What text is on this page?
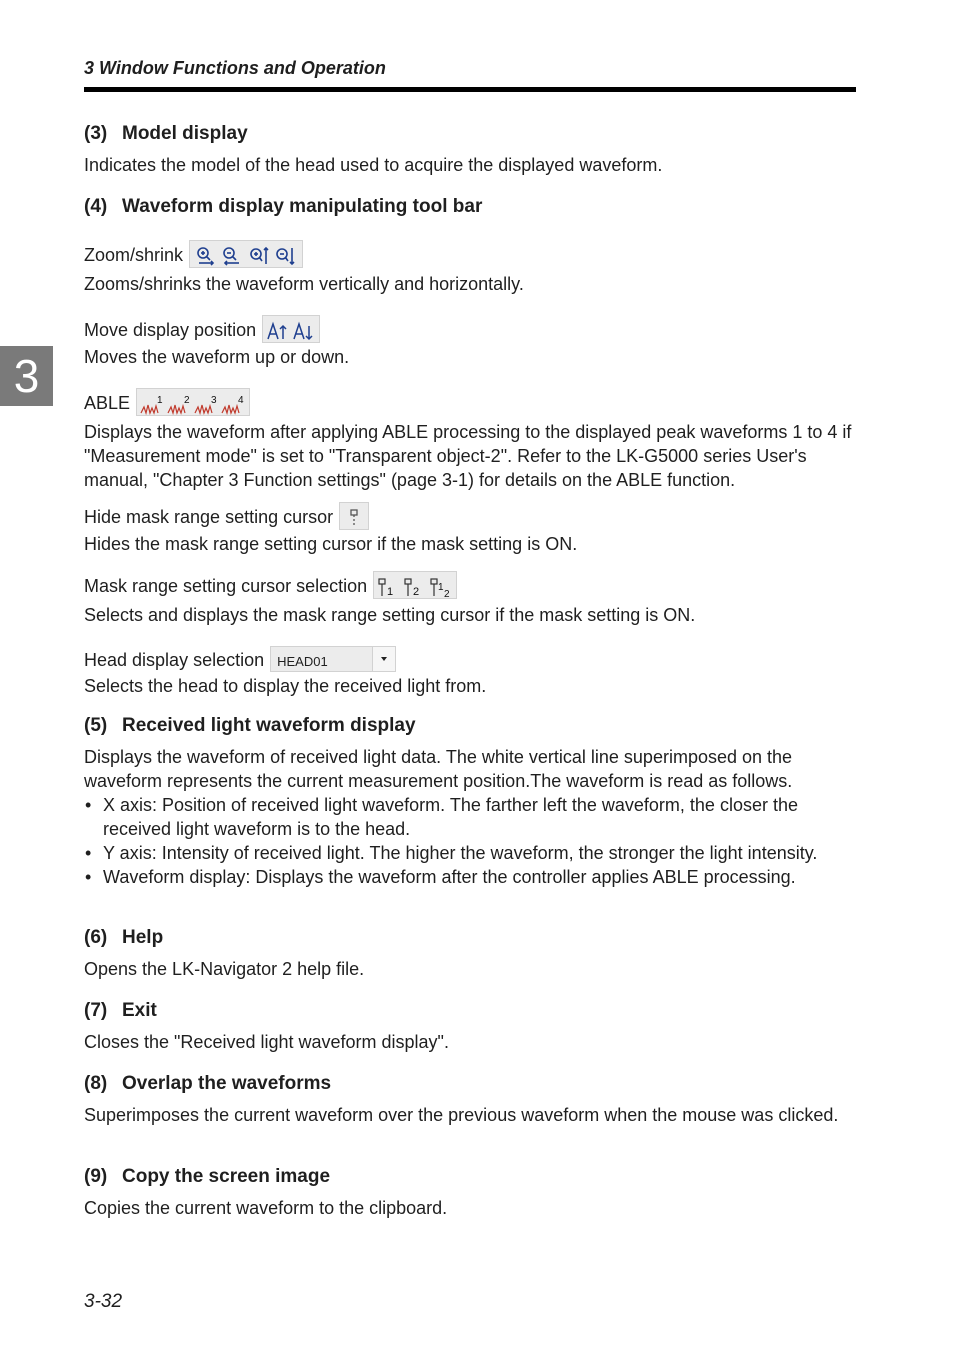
3 Window Functions and Operation
3
(3) Model display
Indicates the model of the head used to acquire the displayed waveform.
(4) Waveform display manipulating tool bar
Zoom/shrink
Zooms/shrinks the waveform vertically and horizontally.
Move display position
Moves the waveform up or down.
ABLE	1 2 3 4
Displays the waveform after applying ABLE processing to the displayed peak waveforms 1 to 4 if "Measurement mode" is set to "Transparent object-2". Refer to the LK-G5000 series User's manual, "Chapter 3 Function settings" (page 3-1) for details on the ABLE function.
Hide mask range setting cursor
Hides the mask range setting cursor if the mask setting is ON.
Mask range setting cursor selection 1 2 1
2
Selects and displays the mask range setting cursor if the mask setting is ON.
Head display selection HEAD01
Selects the head to display the received light from.
(5) Received light waveform display
Displays the waveform of received light data. The white vertical line superimposed on the waveform represents the current measurement position.The waveform is read as follows.
• X axis: Position of received light waveform. The farther left the waveform, the closer the received light waveform is to the head.
• Y axis: Intensity of received light. The higher the waveform, the stronger the light intensity.
• Waveform display: Displays the waveform after the controller applies ABLE processing.
(6) Help
Opens the LK-Navigator 2 help file.
(7) Exit
Closes the "Received light waveform display".
(8) Overlap the waveforms
Superimposes the current waveform over the previous waveform when the mouse was clicked.
(9) Copy the screen image
Copies the current waveform to the clipboard.
3-32
